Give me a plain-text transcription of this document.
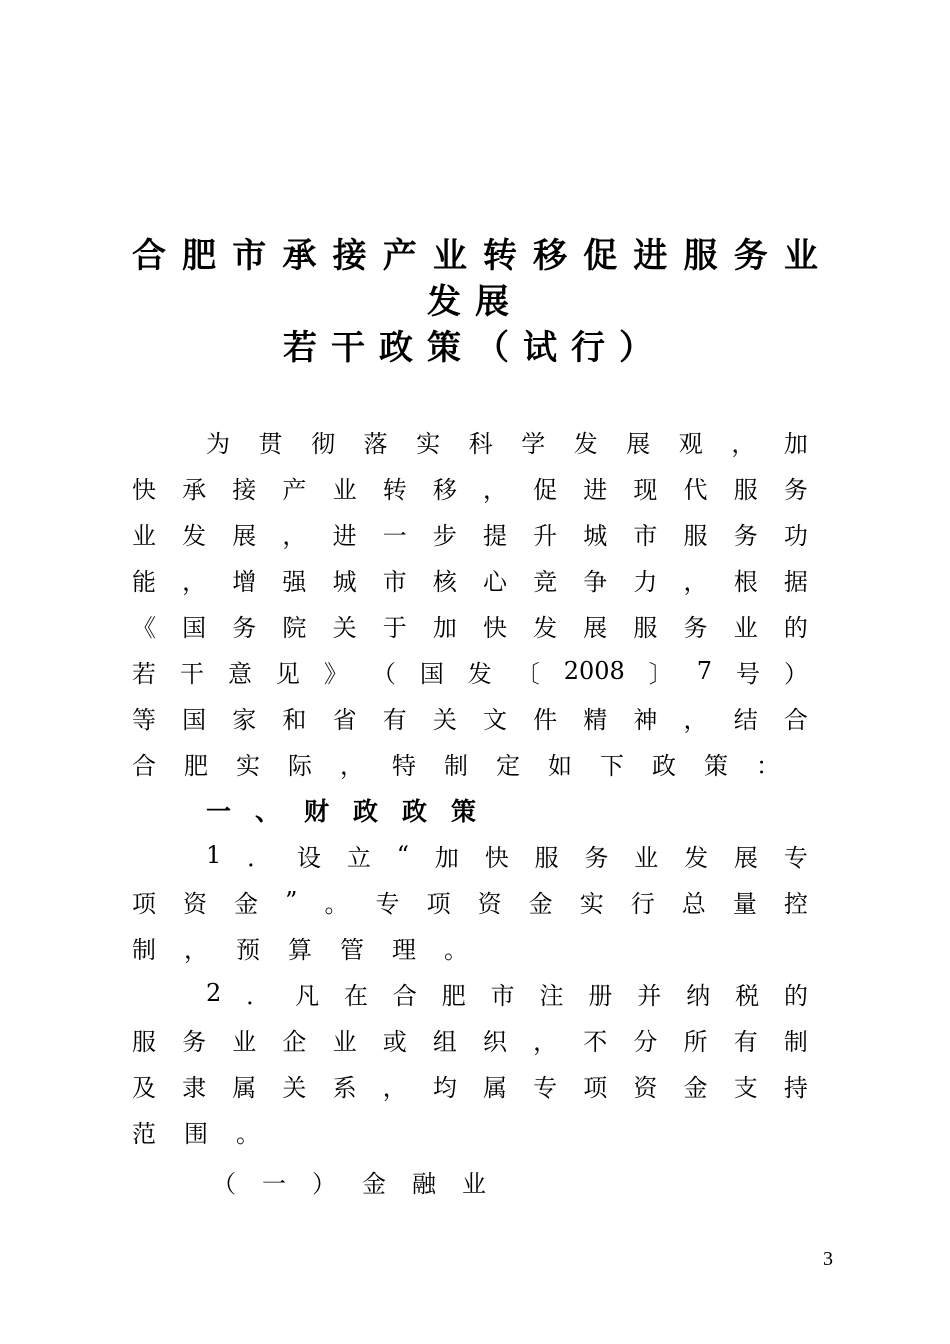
合 肥 市 承 接 产 业 转 移 促 进 服 务 业
发展
若干政策（试行）
为 贯 彻 落 实 科 学 发 展 观 ， 加
快 承 接 产 业 转 移 ， 促 进 现 代 服 务
业 发 展 ， 进 一 步 提 升 城 市 服 务 功
能 ， 增 强 城 市 核 心 竞 争 力 ， 根 据
《 国 务 院 关 于 加 快 发 展 服 务 业 的
若 干 意 见 》 （ 国 发 〔 2008 〕 7 号 ）
等 国 家 和 省 有 关 文 件 精 神 ， 结 合
合 肥 实 际 ， 特 制 定 如 下 政 策 ：
一、财政政策
1 ． 设 立 “ 加 快 服 务 业 发 展 专
项 资 金 ” 。 专 项 资 金 实 行 总 量 控
制 ， 预 算 管 理 。
2 ． 凡 在 合 肥 市 注 册 并 纳 税 的
服 务 业 企 业 或 组 织 ， 不 分 所 有 制
及 隶 属 关 系 ， 均 属 专 项 资 金 支 持
范 围 。
（一）金融业
3
